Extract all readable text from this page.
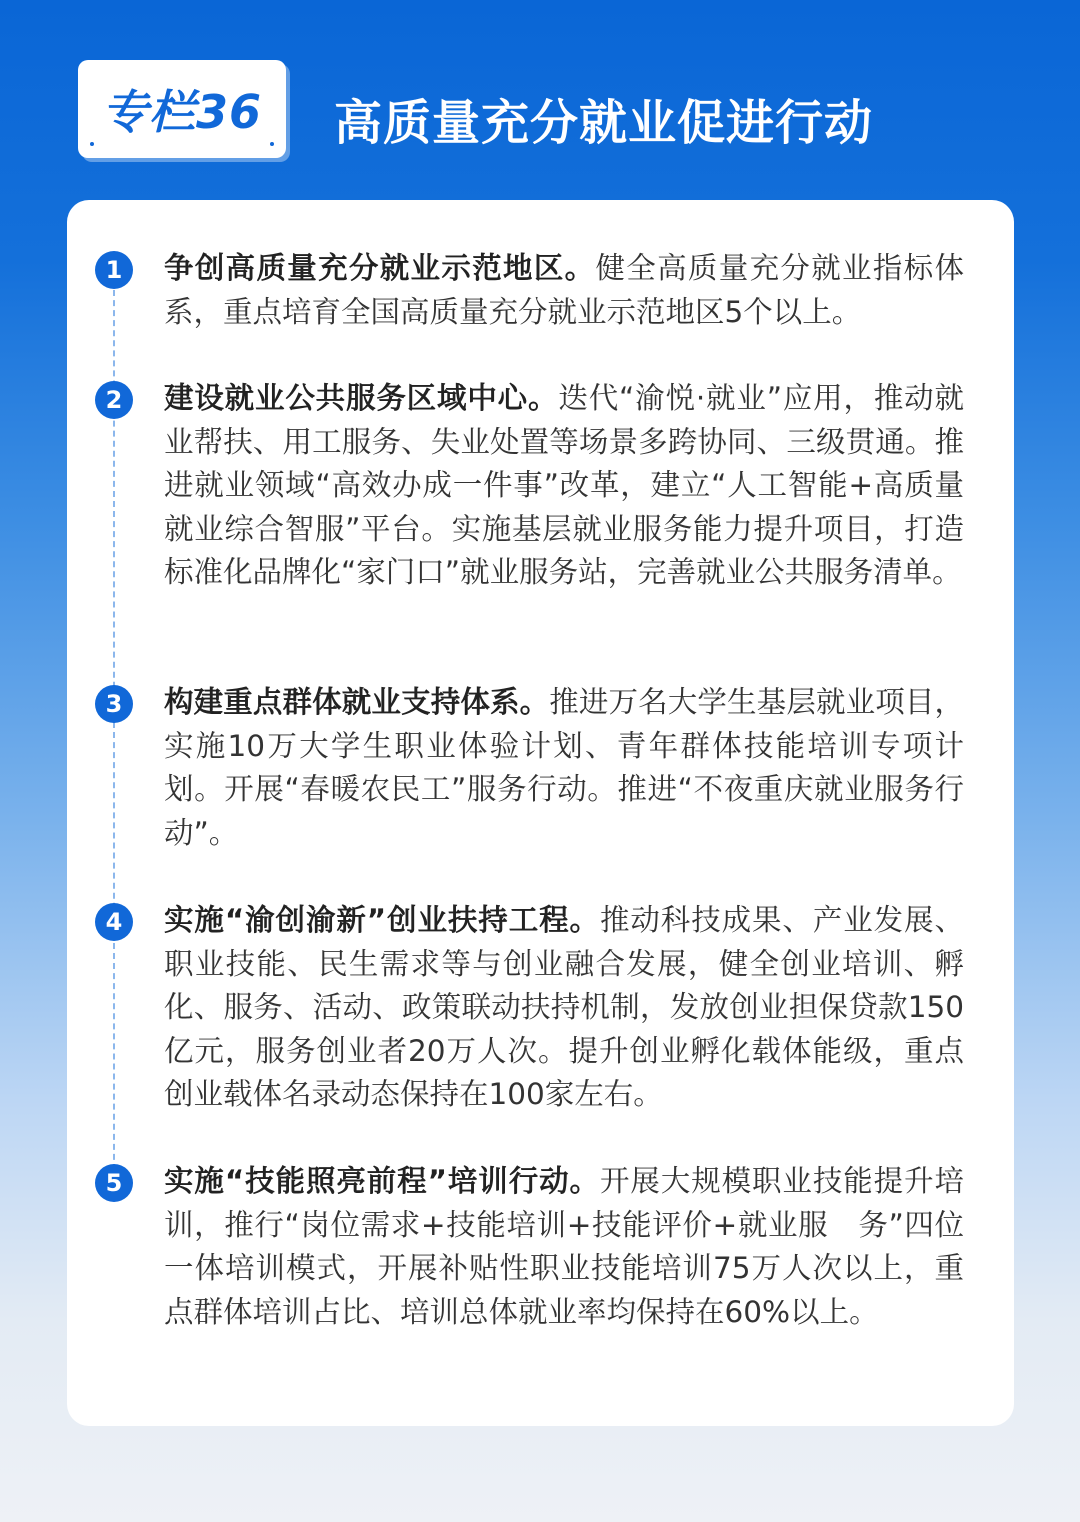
专栏36 高质量充分就业促进行动
1	争创高质量充分就业示范地区。健全高质量充分就业指标体系，重点培育全国高质量充分就业示范地区5个以上。
2	建设就业公共服务区域中心。迭代“渝悦·就业”应用，推动就业帮扶、用工服务、失业处置等场景多跨协同、三级贯通。推进就业领域“高效办成一件事”改革，建立“人工智能+高质量就业综合智服”平台。实施基层就业服务能力提升项目，打造标准化品牌化“家门口”就业服务站，完善就业公共服务清单。
3	构建重点群体就业支持体系。推进万名大学生基层就业项目，实施10万大学生职业体验计划、青年群体技能培训专项计划。开展“春暖农民工”服务行动。推进“不夜重庆就业服务行动”。
4	实施“渝创渝新”创业扶持工程。推动科技成果、产业发展、职业技能、民生需求等与创业融合发展，健全创业培训、孵化、服务、活动、政策联动扶持机制，发放创业担保贷款150亿元，服务创业者20万人次。提升创业孵化载体能级，重点创业载体名录动态保持在100家左右。
5	实施“技能照亮前程”培训行动。开展大规模职业技能提升培训，推行“岗位需求+技能培训+技能评价+就业服　务”四位一体培训模式，开展补贴性职业技能培训75万人次以上，重点群体培训占比、培训总体就业率均保持在60%以上。
